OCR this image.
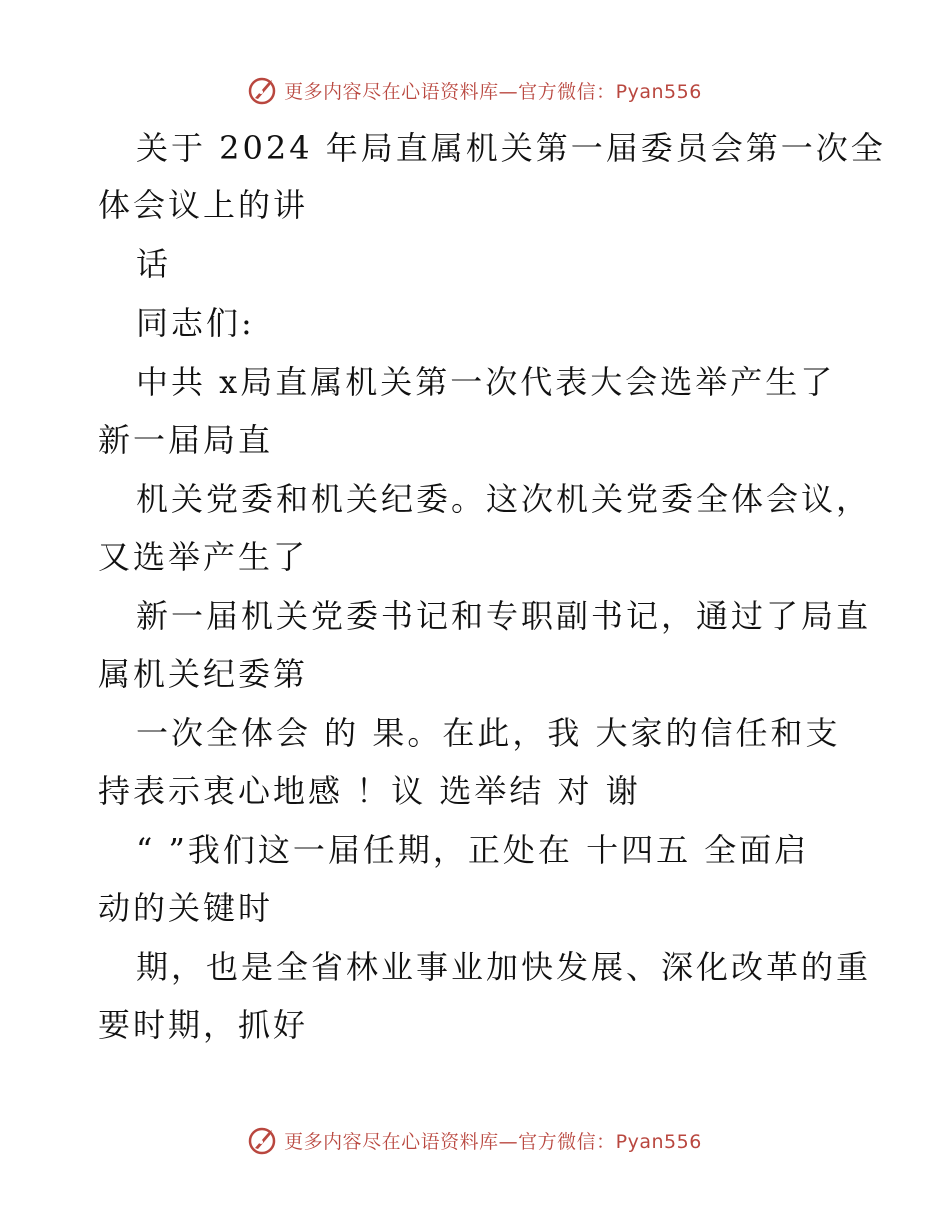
更多内容尽在心语资料库—官方微信：Pyan556
关于 2024 年局直属机关第一届委员会第一次全
体会议上的讲
话
同志们:
中共 x局直属机关第一次代表大会选举产生了
新一届局直
机关党委和机关纪委。这次机关党委全体会议，
又选举产生了
新一届机关党委书记和专职副书记，通过了局直
属机关纪委第
一次全体会 的 果。在此，我 大家的信任和支
持表示衷心地感 ！议 选举结 对 谢
“ ”我们这一届任期，正处在 十四五 全面启
动的关键时
期，也是全省林业事业加快发展、深化改革的重
要时期，抓好
更多内容尽在心语资料库—官方微信：Pyan556
